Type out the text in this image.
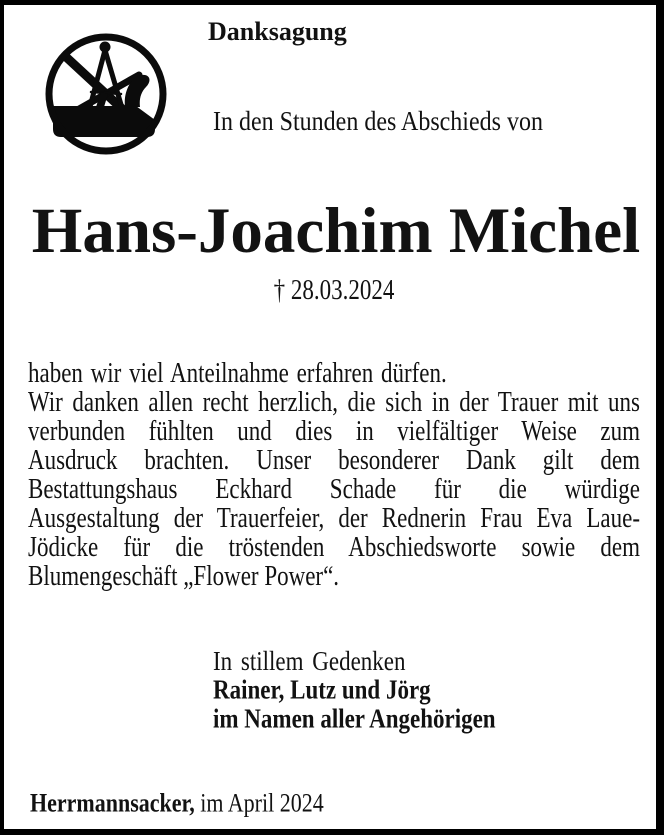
Danksagung
In den Stunden des Abschieds von
Hans-Joachim Michel
† 28.03.2024
haben wir viel Anteilnahme erfahren dürfen.
Wir danken allen recht herzlich, die sich in der Trauer mit uns
verbunden fühlten und dies in vielfältiger Weise zum
Ausdruck brachten. Unser besonderer Dank gilt dem
Bestattungshaus Eckhard Schade für die würdige
Ausgestaltung der Trauerfeier, der Rednerin Frau Eva Laue-
Jödicke für die tröstenden Abschiedsworte sowie dem
Blumengeschäft „Flower Power“.
In stillem Gedenken
Rainer, Lutz und Jörg
im Namen aller Angehörigen
Herrmannsacker, im April 2024
